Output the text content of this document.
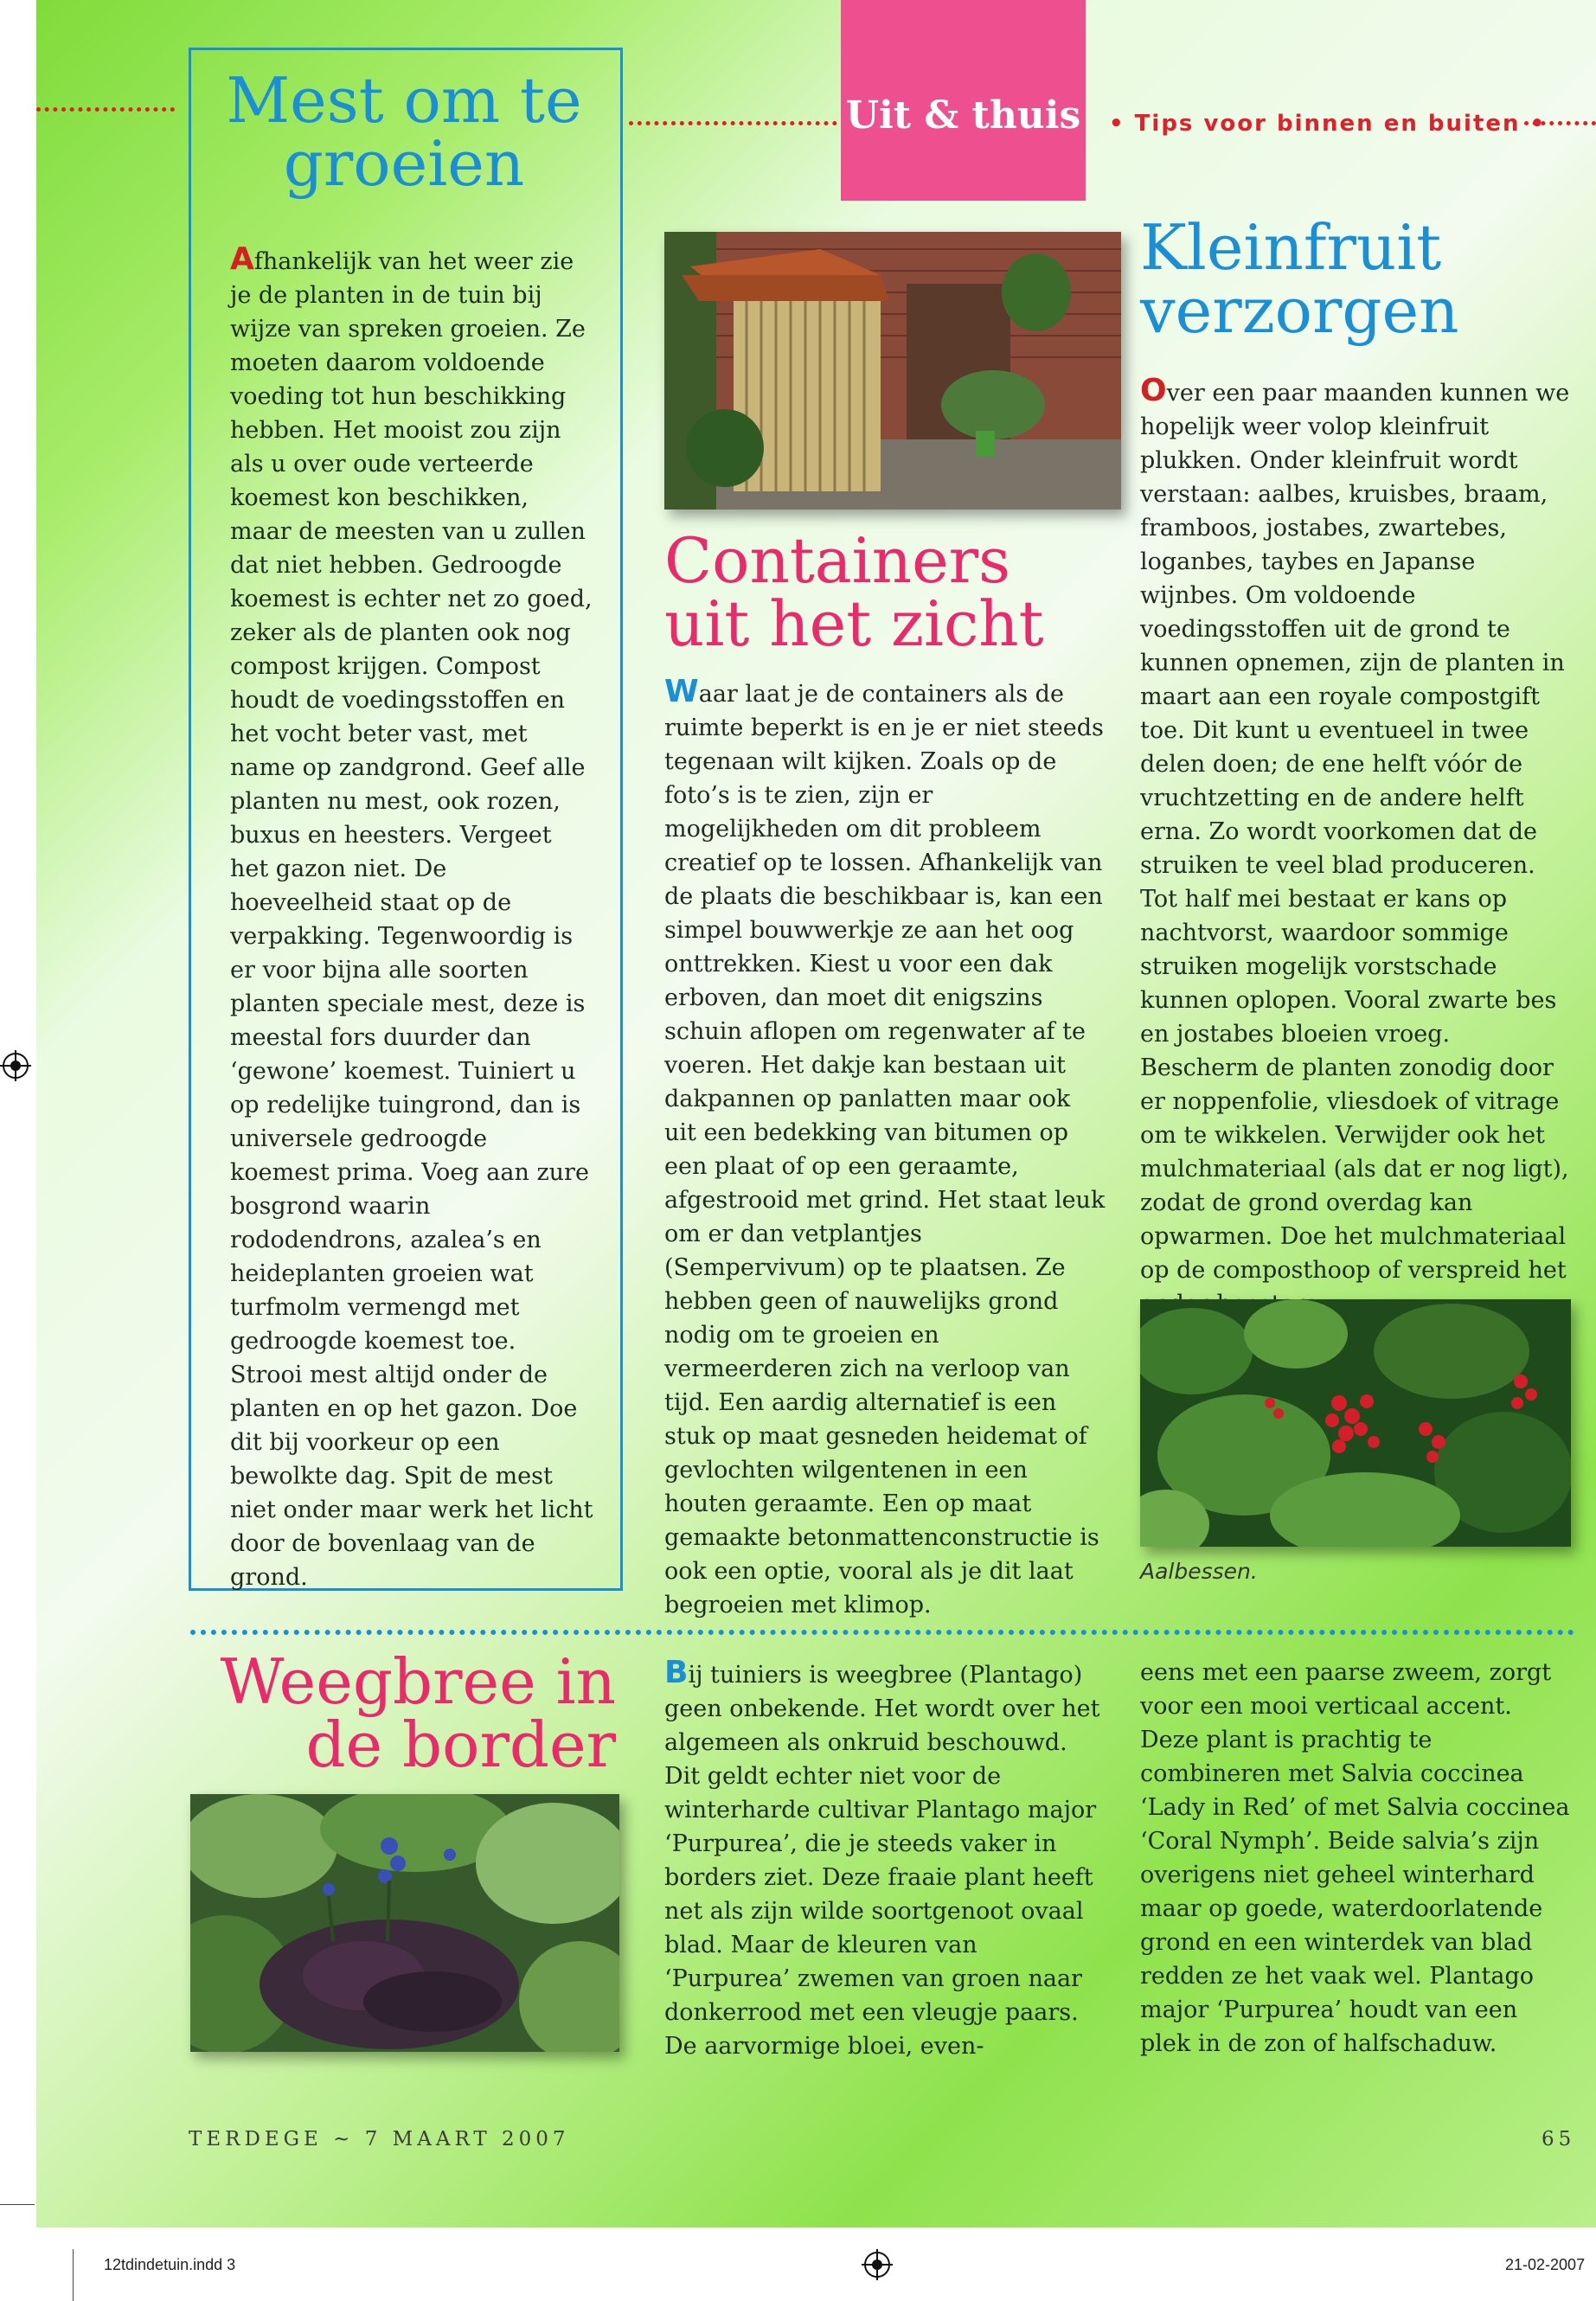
Uit & thuis • Tips voor binnen en buiten •
Mest om te groeien

Afhankelijk van het weer zie je de planten in de tuin bij wijze van spreken groeien. Ze moeten daarom voldoende voeding tot hun beschikking hebben. Het mooist zou zijn als u over oude verteerde koemest kon beschikken, maar de meesten van u zullen dat niet hebben. Gedroogde koemest is echter net zo goed, zeker als de planten ook nog compost krijgen. Compost houdt de voedingsstoffen en het vocht beter vast, met name op zandgrond. Geef alle planten nu mest, ook rozen, buxus en heesters. Vergeet het gazon niet. De hoeveelheid staat op de verpakking. Tegenwoordig is er voor bijna alle soorten planten speciale mest, deze is meestal fors duurder dan ‘gewone’ koemest. Tuiniert u op redelijke tuingrond, dan is universele gedroogde koemest prima. Voeg aan zure bosgrond waarin rododendrons, azalea’s en heideplanten groeien wat turfmolm vermengd met gedroogde koemest toe. Strooi mest altijd onder de planten en op het gazon. Doe dit bij voorkeur op een bewolkte dag. Spit de mest niet onder maar werk het licht door de bovenlaag van de grond.

Containers uit het zicht

Waar laat je de containers als de ruimte beperkt is en je er niet steeds tegenaan wilt kijken. Zoals op de foto’s is te zien, zijn er mogelijkheden om dit probleem creatief op te lossen. Afhankelijk van de plaats die beschikbaar is, kan een simpel bouwwerkje ze aan het oog onttrekken. Kiest u voor een dak erboven, dan moet dit enigszins schuin aflopen om regenwater af te voeren. Het dakje kan bestaan uit dakpannen op panlatten maar ook uit een bedekking van bitumen op een plaat of op een geraamte, afgestrooid met grind. Het staat leuk om er dan vetplantjes (Sempervivum) op te plaatsen. Ze hebben geen of nauwelijks grond nodig om te groeien en vermeerderen zich na verloop van tijd. Een aardig alternatief is een stuk op maat gesneden heidemat of gevlochten wilgentenen in een houten geraamte. Een op maat gemaakte betonmattenconstructie is ook een optie, vooral als je dit laat begroeien met klimop.

Kleinfruit verzorgen

Over een paar maanden kunnen we hopelijk weer volop kleinfruit plukken. Onder kleinfruit wordt verstaan: aalbes, kruisbes, braam, framboos, jostabes, zwartebes, loganbes, taybes en Japanse wijnbes. Om voldoende voedingsstoffen uit de grond te kunnen opnemen, zijn de planten in maart aan een royale compostgift toe. Dit kunt u eventueel in twee delen doen; de ene helft vóór de vruchtzetting en de andere helft erna. Zo wordt voorkomen dat de struiken te veel blad produceren. Tot half mei bestaat er kans op nachtvorst, waardoor sommige struiken mogelijk vorstschade kunnen oplopen. Vooral zwarte bes en jostabes bloeien vroeg. Bescherm de planten zonodig door er noppenfolie, vliesdoek of vitrage om te wikkelen. Verwijder ook het mulchmateriaal (als dat er nog ligt), zodat de grond overdag kan opwarmen. Doe het mulchmateriaal op de composthoop of verspreid het

Aalbessen.
Weegbree in de border

Bij tuiniers is weegbree (Plantago) geen onbekende. Het wordt over het algemeen als onkruid beschouwd. Dit geldt echter niet voor de winterharde cultivar Plantago major ‘Purpurea’, die je steeds vaker in borders ziet. Deze fraaie plant heeft net als zijn wilde soortgenoot ovaal blad. Maar de kleuren van ‘Purpurea’ zwemen van groen naar donkerrood met een vleugje paars. De aarvormige bloei, even-

eens met een paarse zweem, zorgt voor een mooi verticaal accent. Deze plant is prachtig te combineren met Salvia coccinea ‘Lady in Red’ of met Salvia coccinea ‘Coral Nymph’. Beide salvia’s zijn overigens niet geheel winterhard maar op goede, waterdoorlatende grond en een winterdek van blad redden ze het vaak wel. Plantago major ‘Purpurea’ houdt van een plek in de zon of halfschaduw.

TERDEGE ~ 7 MAART 2007	65
12tdindetuin.indd 3	21-02-2007
